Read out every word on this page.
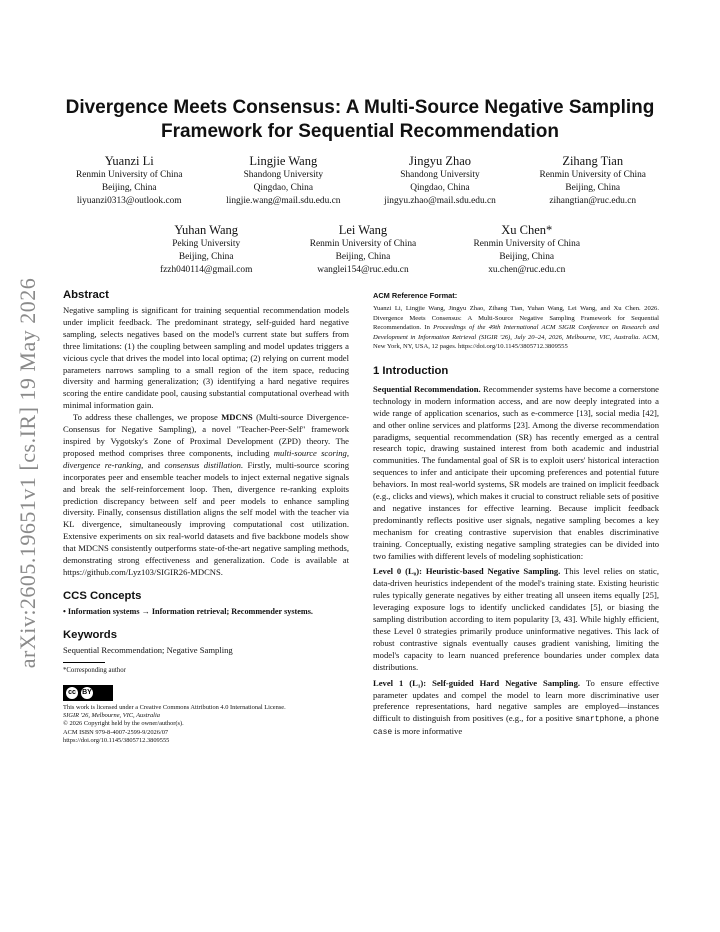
arXiv:2605.19651v1 [cs.IR] 19 May 2026
Divergence Meets Consensus: A Multi-Source Negative Sampling
Framework for Sequential Recommendation
Yuanzi Li
Renmin University of China
Beijing, China
liyuanzi0313@outlook.com
Lingjie Wang
Shandong University
Qingdao, China
lingjie.wang@mail.sdu.edu.cn
Jingyu Zhao
Shandong University
Qingdao, China
jingyu.zhao@mail.sdu.edu.cn
Zihang Tian
Renmin University of China
Beijing, China
zihangtian@ruc.edu.cn
Yuhan Wang
Peking University
Beijing, China
fzzh040114@gmail.com
Lei Wang
Renmin University of China
Beijing, China
wanglei154@ruc.edu.cn
Xu Chen*
Renmin University of China
Beijing, China
xu.chen@ruc.edu.cn
Abstract

Negative sampling is significant for training sequential recommendation models under implicit feedback. The predominant strategy, self-guided hard negative sampling, selects negatives based on the model's current state but suffers from three limitations: (1) the coupling between sampling and model updates triggers a vicious cycle that drives the model into local optima; (2) relying on current model parameters narrows sampling to a small region of the item space, reducing diversity and harming generalization; (3) identifying a hard negative requires scoring the entire candidate pool, causing substantial computational overhead with minimal information gain.

To address these challenges, we propose MDCNS (Multi-source Divergence-Consensus for Negative Sampling), a novel "Teacher-Peer-Self" framework inspired by Vygotsky's Zone of Proximal Development (ZPD) theory. The proposed method comprises three components, including multi-source scoring, divergence re-ranking, and consensus distillation. Firstly, multi-source scoring incorporates peer and ensemble teacher models to inject external negative signals and break the self-reinforcement loop. Then, divergence re-ranking exploits prediction discrepancy between self and peer models to enhance sampling diversity. Finally, consensus distillation aligns the self model with the teacher via KL divergence, simultaneously improving computational cost utilization. Extensive experiments on six real-world datasets and five backbone models show that MDCNS consistently outperforms state-of-the-art negative sampling methods, demonstrating strong effectiveness and generalization. Code is available at https://github.com/Lyz103/SIGIR26-MDCNS.

CCS Concepts

• Information systems → Information retrieval; Recommender systems.

Keywords

Sequential Recommendation; Negative Sampling

*Corresponding author

cc BY
This work is licensed under a Creative Commons Attribution 4.0 International License.
SIGIR '26, Melbourne, VIC, Australia
© 2026 Copyright held by the owner/author(s).
ACM ISBN 979-8-4007-2599-9/2026/07
https://doi.org/10.1145/3805712.3809555
ACM Reference Format:
Yuanzi Li, Lingjie Wang, Jingyu Zhao, Zihang Tian, Yuhan Wang, Lei Wang, and Xu Chen. 2026. Divergence Meets Consensus: A Multi-Source Negative Sampling Framework for Sequential Recommendation. In Proceedings of the 49th International ACM SIGIR Conference on Research and Development in Information Retrieval (SIGIR '26), July 20–24, 2026, Melbourne, VIC, Australia. ACM, New York, NY, USA, 12 pages. https://doi.org/10.1145/3805712.3809555
1 Introduction

Sequential Recommendation. Recommender systems have become a cornerstone technology in modern information access, and are now deeply integrated into a wide range of application scenarios, such as e-commerce [13], social media [42], and other online services and platforms [23]. Among the diverse recommendation paradigms, sequential recommendation (SR) has recently emerged as a central research topic, drawing sustained interest from both academic and industrial communities. The fundamental goal of SR is to exploit users' historical interaction sequences to infer and anticipate their upcoming preferences and potential future behaviors. In most real-world systems, SR models are trained on implicit feedback (e.g., clicks and views), which makes it crucial to construct reliable sets of positive and negative instances for effective learning. Because implicit feedback predominantly reflects positive user signals, negative sampling becomes a key mechanism for creating contrastive supervision that enables discriminative training. Conceptually, existing negative sampling strategies can be divided into two families with different levels of modeling sophistication:

Level 0 (L₀): Heuristic-based Negative Sampling. This level relies on static, data-driven heuristics independent of the model's training state. Existing heuristic rules typically generate negatives by either treating all unseen items equally [25], leveraging exposure logs to identify unclicked candidates [5], or biasing the sampling distribution according to item popularity [3, 43]. While highly efficient, these Level 0 strategies primarily produce uninformative negatives. This lack of robust contrastive signals eventually causes gradient vanishing, limiting the model's capacity to learn nuanced preference boundaries under complex data distributions.

Level 1 (L₁): Self-guided Hard Negative Sampling. To ensure effective parameter updates and compel the model to learn more discriminative user preference representations, hard negative samples are employed—instances difficult to distinguish from positives (e.g., for a positive smartphone, a phone case is more informative
